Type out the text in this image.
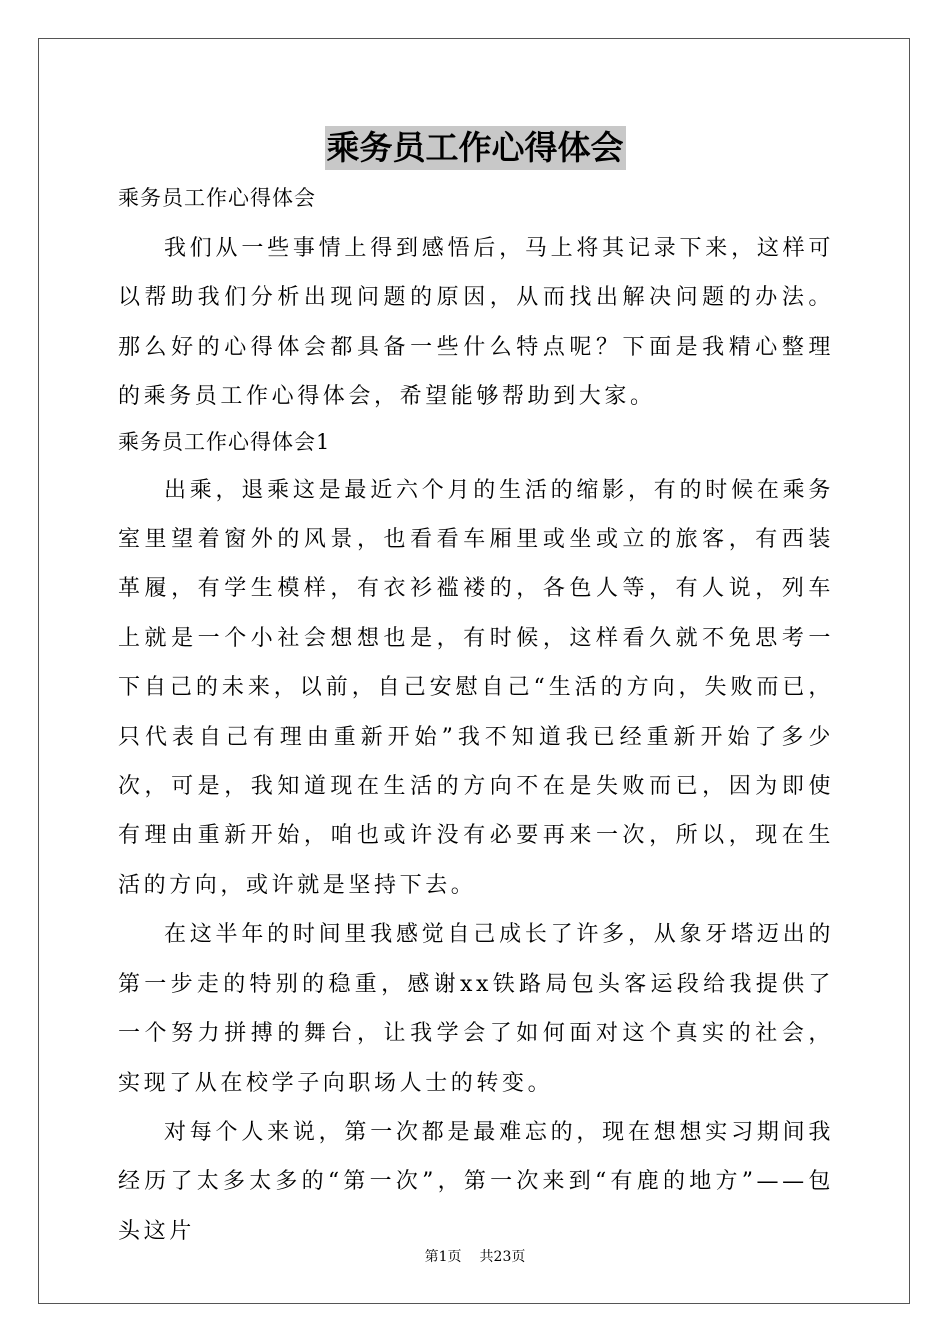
乘务员工作心得体会
乘务员工作心得体会

我们从一些事情上得到感悟后，马上将其记录下来，这样可以帮助我们分析出现问题的原因，从而找出解决问题的办法。那么好的心得体会都具备一些什么特点呢？下面是我精心整理的乘务员工作心得体会，希望能够帮助到大家。

乘务员工作心得体会1

出乘，退乘这是最近六个月的生活的缩影，有的时候在乘务室里望着窗外的风景，也看看车厢里或坐或立的旅客，有西装革履，有学生模样，有衣衫褴褛的，各色人等，有人说，列车上就是一个小社会想想也是，有时候，这样看久就不免思考一下自己的未来，以前，自己安慰自己“生活的方向，失败而已，只代表自己有理由重新开始”我不知道我已经重新开始了多少次，可是，我知道现在生活的方向不在是失败而已，因为即使有理由重新开始，咱也或许没有必要再来一次，所以，现在生活的方向，或许就是坚持下去。

在这半年的时间里我感觉自己成长了许多，从象牙塔迈出的第一步走的特别的稳重，感谢xx铁路局包头客运段给我提供了一个努力拼搏的舞台，让我学会了如何面对这个真实的社会，实现了从在校学子向职场人士的转变。

对每个人来说，第一次都是最难忘的，现在想想实习期间我经历了太多太多的“第一次”，第一次来到“有鹿的地方”——包头这片

第1页 共23页
